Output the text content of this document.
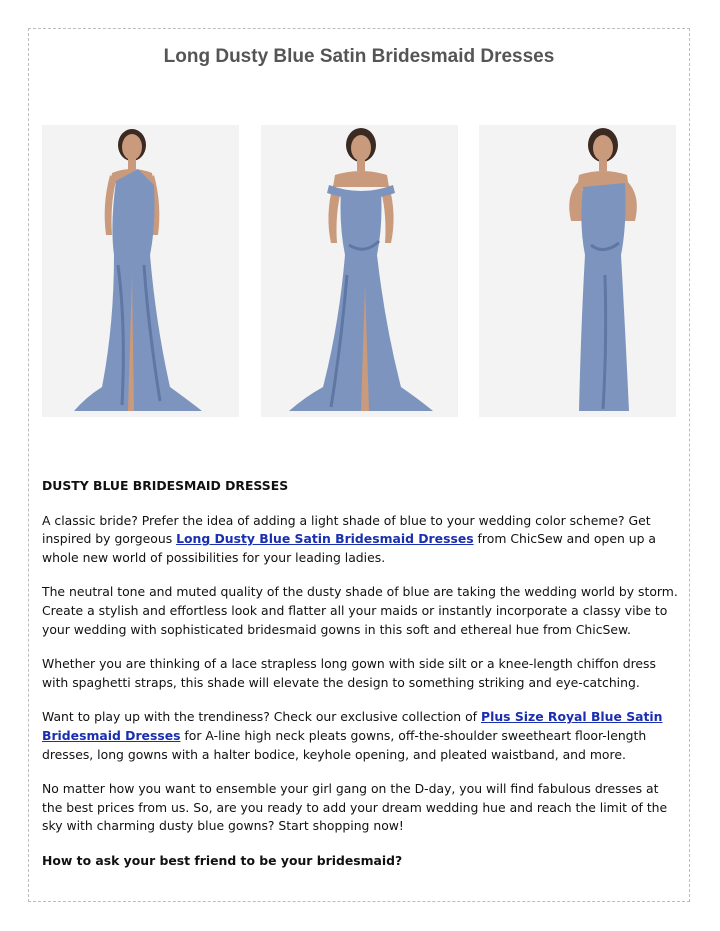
Long Dusty Blue Satin Bridesmaid Dresses

DUSTY BLUE BRIDESMAID DRESSES

A classic bride? Prefer the idea of adding a light shade of blue to your wedding color scheme? Get inspired by gorgeous Long Dusty Blue Satin Bridesmaid Dresses from ChicSew and open up a whole new world of possibilities for your leading ladies.

The neutral tone and muted quality of the dusty shade of blue are taking the wedding world by storm. Create a stylish and effortless look and flatter all your maids or instantly incorporate a classy vibe to your wedding with sophisticated bridesmaid gowns in this soft and ethereal hue from ChicSew.

Whether you are thinking of a lace strapless long gown with side silt or a knee-length chiffon dress with spaghetti straps, this shade will elevate the design to something striking and eye-catching.

Want to play up with the trendiness? Check our exclusive collection of Plus Size Royal Blue Satin Bridesmaid Dresses for A-line high neck pleats gowns, off-the-shoulder sweetheart floor-length dresses, long gowns with a halter bodice, keyhole opening, and pleated waistband, and more.

No matter how you want to ensemble your girl gang on the D-day, you will find fabulous dresses at the best prices from us. So, are you ready to add your dream wedding hue and reach the limit of the sky with charming dusty blue gowns? Start shopping now!

How to ask your best friend to be your bridesmaid?
